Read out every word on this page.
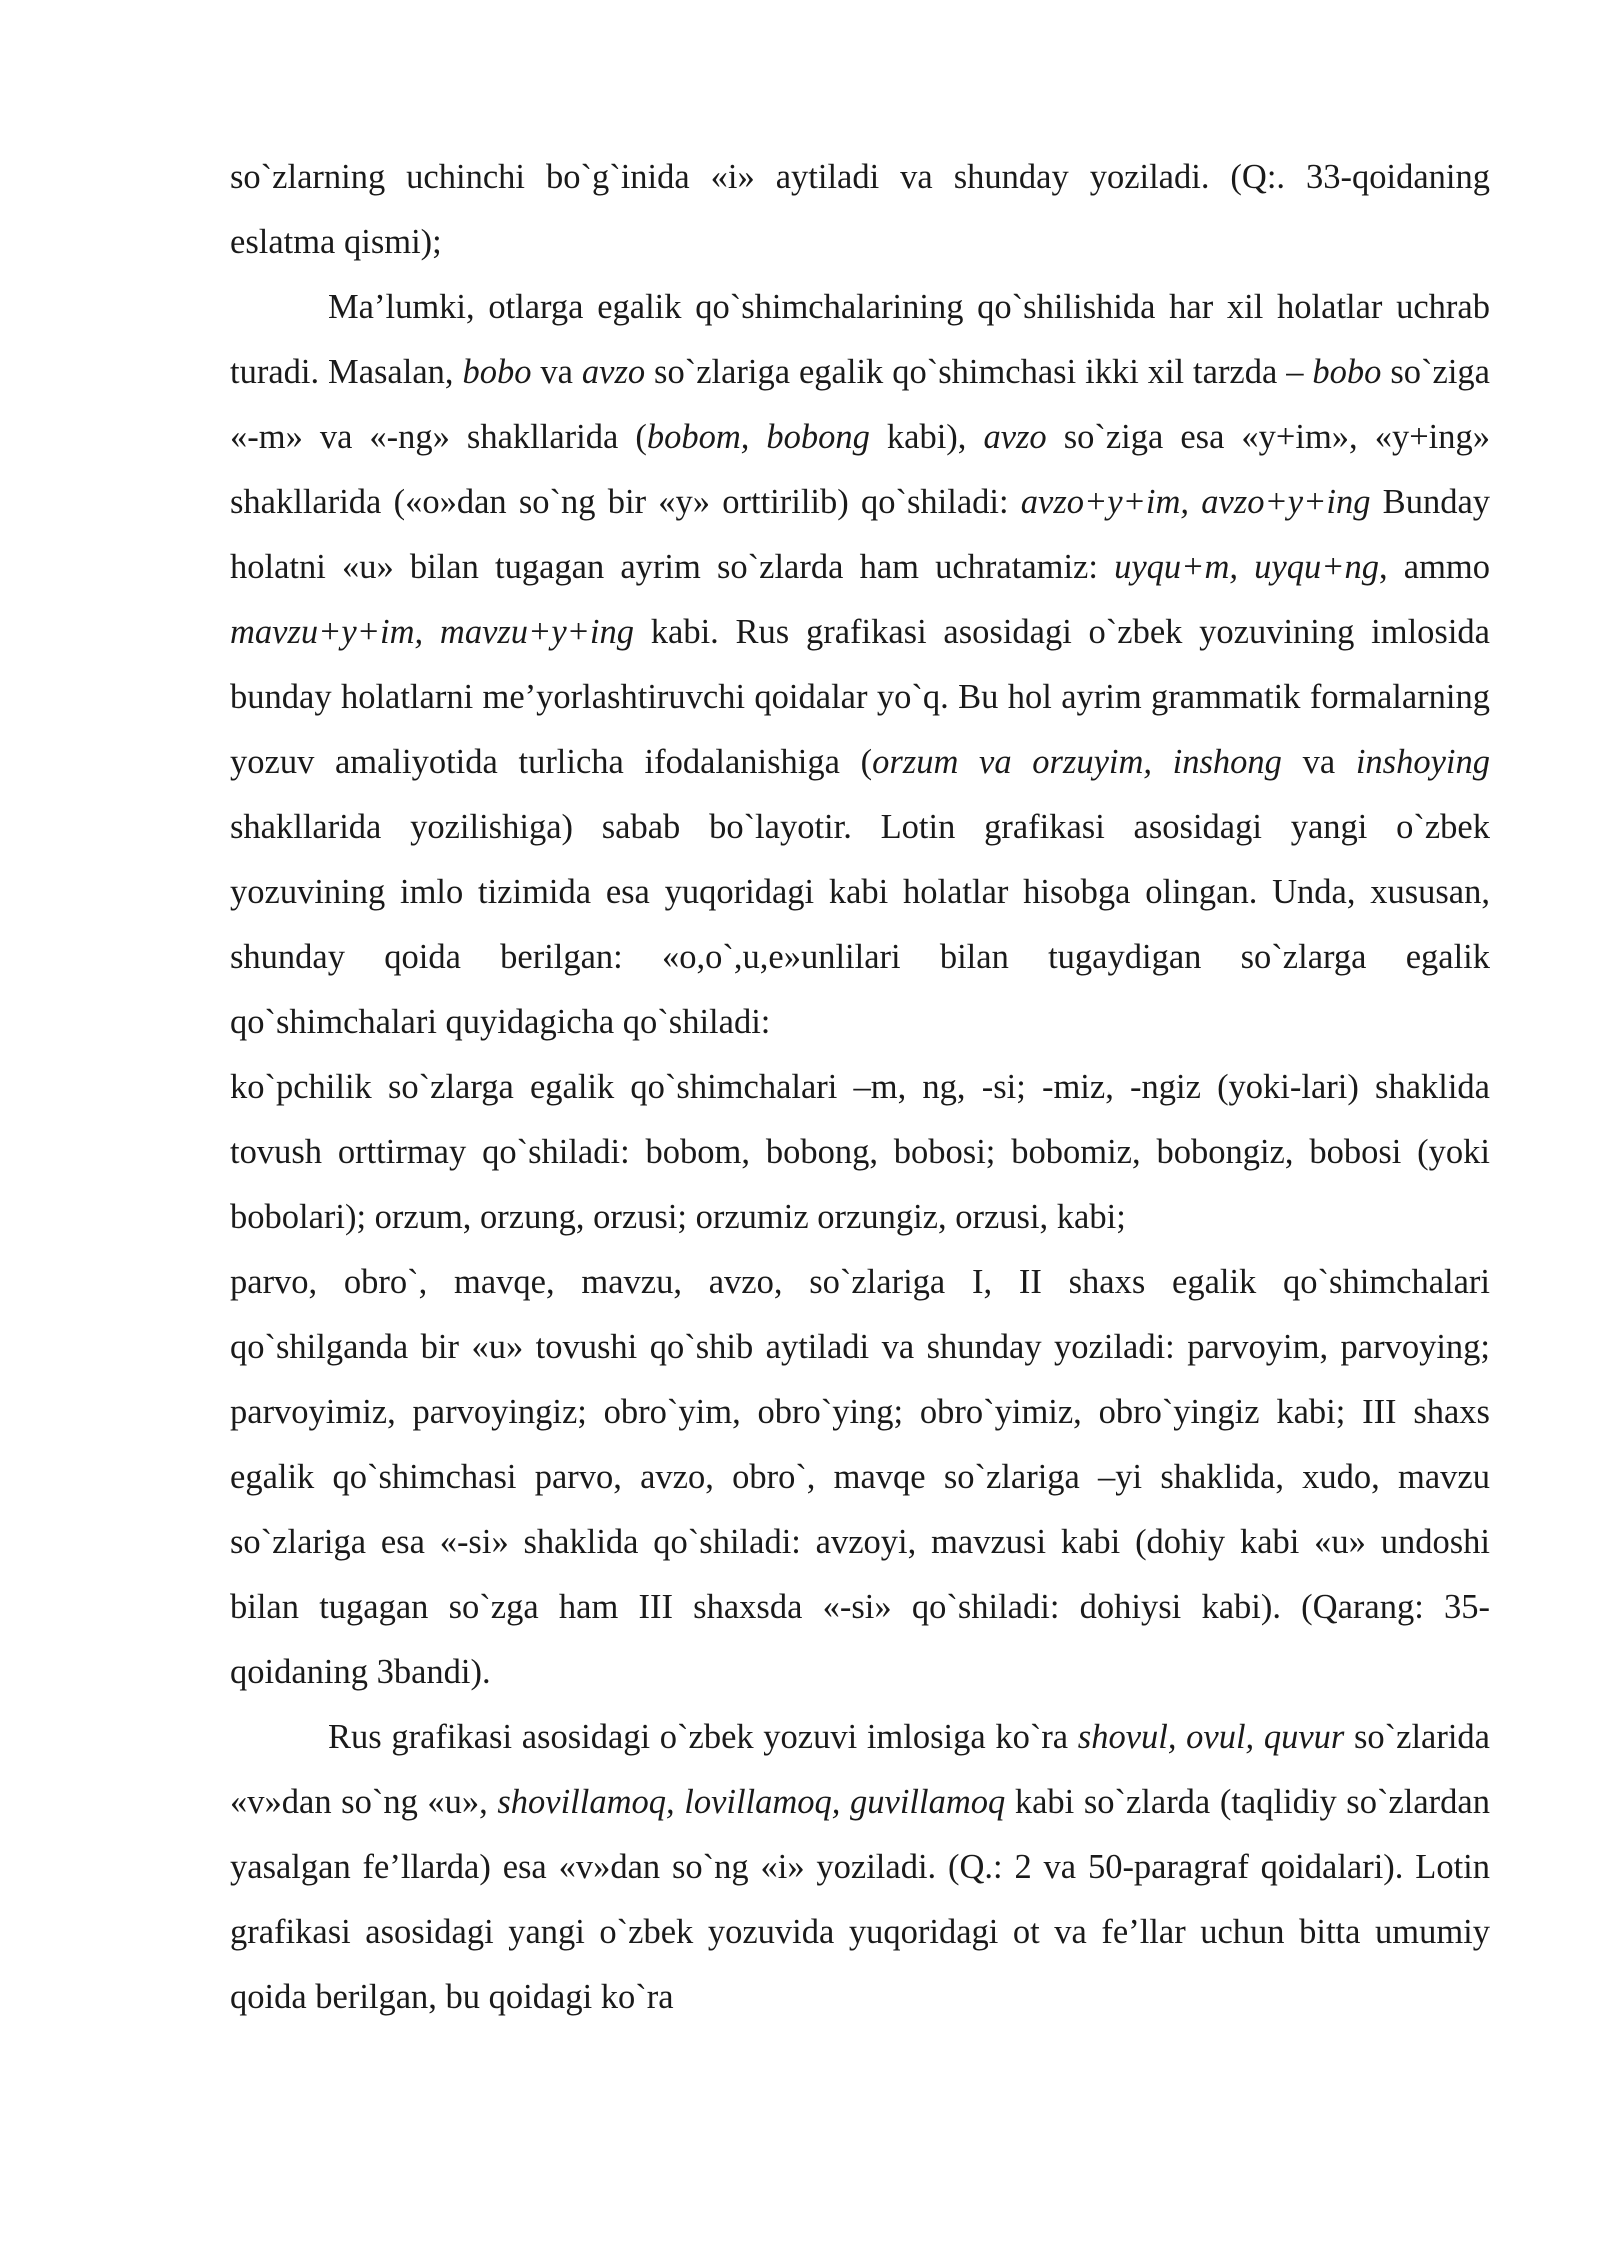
so`zlarning uchinchi bo`g`inida «i» aytiladi va shunday yoziladi. (Q:. 33-qoidaning eslatma qismi);

Ma’lumki, otlarga egalik qo`shimchalarining qo`shilishida har xil holatlar uchrab turadi. Masalan, bobo va avzo so`zlariga egalik qo`shimchasi ikki xil tarzda – bobo so`ziga «-m» va «-ng» shakllarida (bobom, bobong kabi), avzo so`ziga esa «y+im», «y+ing» shakllarida («o»dan so`ng bir «y» orttirilib) qo`shiladi: avzo+y+im, avzo+y+ing Bunday holatni «u» bilan tugagan ayrim so`zlarda ham uchratamiz: uyqu+m, uyqu+ng, ammo mavzu+y+im, mavzu+y+ing kabi. Rus grafikasi asosidagi o`zbek yozuvining imlosida bunday holatlarni me’yorlashtiruvchi qoidalar yo`q. Bu hol ayrim grammatik formalarning yozuv amaliyotida turlicha ifodalanishiga (orzum va orzuyim, inshong va inshoying shakllarida yozilishiga) sabab bo`layotir. Lotin grafikasi asosidagi yangi o`zbek yozuvining imlo tizimida esa yuqoridagi kabi holatlar hisobga olingan. Unda, xususan, shunday qoida berilgan: «o,o`,u,e»unlilari bilan tugaydigan so`zlarga egalik qo`shimchalari quyidagicha qo`shiladi:

ko`pchilik so`zlarga egalik qo`shimchalari –m, ng, -si; -miz, -ngiz (yoki-lari) shaklida tovush orttirmay qo`shiladi: bobom, bobong, bobosi; bobomiz, bobongiz, bobosi (yoki bobolari); orzum, orzung, orzusi; orzumiz orzungiz, orzusi, kabi;

parvo, obro`, mavqe, mavzu, avzo, so`zlariga I, II shaxs egalik qo`shimchalari qo`shilganda bir «u» tovushi qo`shib aytiladi va shunday yoziladi: parvoyim, parvoying; parvoyimiz, parvoyingiz; obro`yim, obro`ying; obro`yimiz, obro`yingiz kabi; III shaxs egalik qo`shimchasi parvo, avzo, obro`, mavqe so`zlariga –yi shaklida, xudo, mavzu so`zlariga esa «-si» shaklida qo`shiladi: avzoyi, mavzusi kabi (dohiy kabi «u» undoshi bilan tugagan so`zga ham III shaxsda «-si» qo`shiladi: dohiysi kabi). (Qarang: 35-qoidaning 3bandi).

Rus grafikasi asosidagi o`zbek yozuvi imlosiga ko`ra shovul, ovul, quvur so`zlarida «v»dan so`ng «u», shovillamoq, lovillamoq, guvillamoq kabi so`zlarda (taqlidiy so`zlardan yasalgan fe’llarda) esa «v»dan so`ng «i» yoziladi. (Q.: 2 va 50-paragraf qoidalari). Lotin grafikasi asosidagi yangi o`zbek yozuvida yuqoridagi ot va fe’llar uchun bitta umumiy qoida berilgan, bu qoidagi ko`ra
